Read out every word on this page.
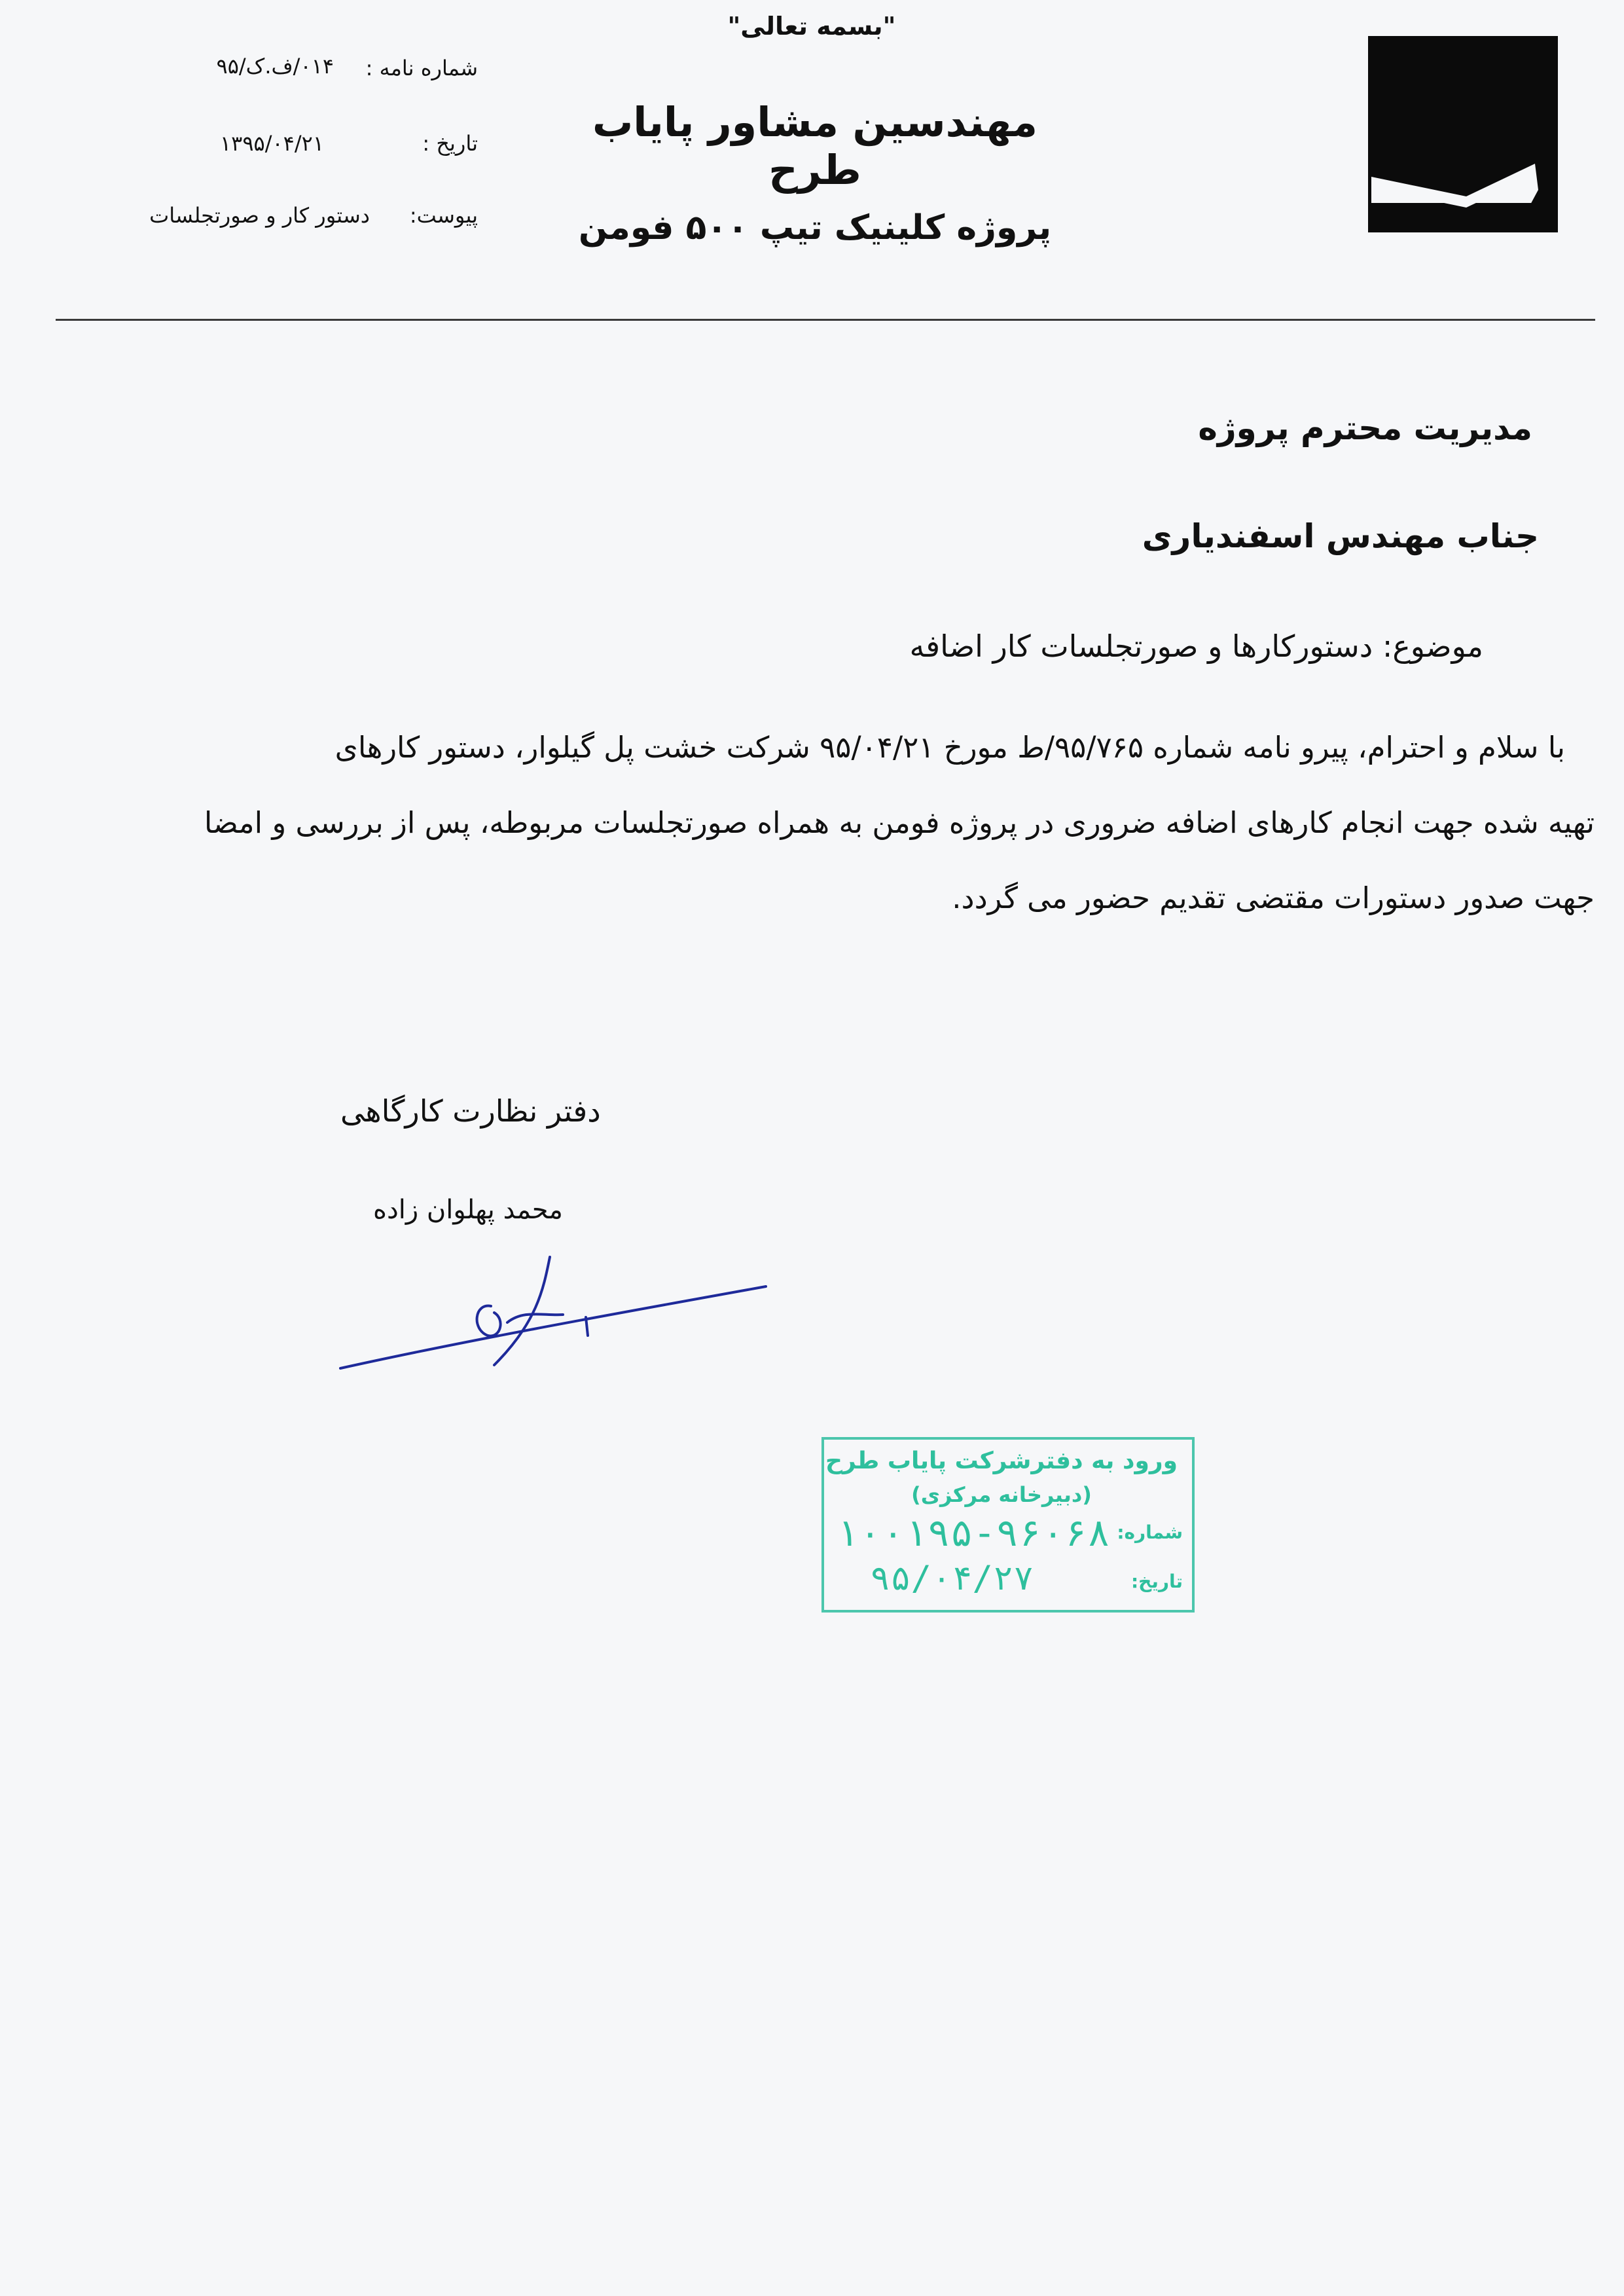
"بسمه تعالی"
مهندسین مشاور پایاب طرح
پروژه کلینیک تیپ ۵۰۰ فومن
شماره نامه :
۰۱۴/ف.ک/۹۵
تاریخ :
۱۳۹۵/۰۴/۲۱
پیوست:
دستور کار و صورتجلسات
مدیریت محترم پروژه
جناب مهندس اسفندیاری
موضوع: دستورکارها و صورتجلسات کار اضافه
با سلام و احترام، پیرو نامه شماره ۹۵/۷۶۵/ط مورخ ۹۵/۰۴/۲۱ شرکت خشت پل گیلوار، دستور کارهای
تهیه شده جهت انجام کارهای اضافه ضروری در پروژه فومن به همراه صورتجلسات مربوطه، پس از بررسی و امضا
جهت صدور دستورات مقتضی تقدیم حضور می گردد.
دفتر نظارت کارگاهی
محمد پهلوان زاده
ورود به دفترشرکت پایاب طرح
(دبیرخانه مرکزی)
شماره:
۱۰۰۱۹۵-۹۶۰۶۸
تاریخ:
۹۵/۰۴/۲۷
